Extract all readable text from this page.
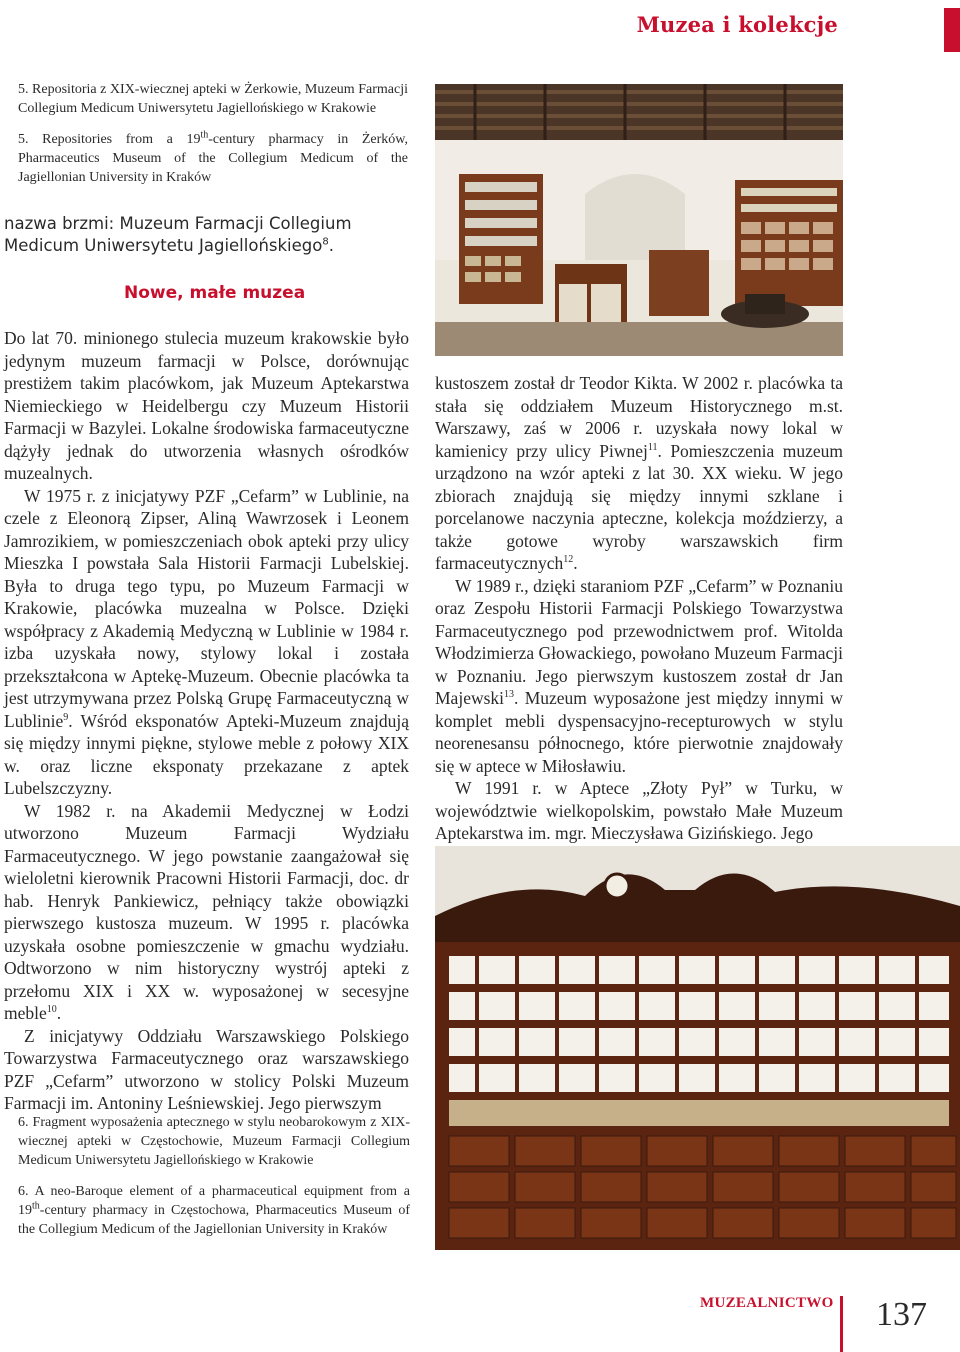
Muzea i kolekcje

5. Repositoria z XIX-wiecznej apteki w Żerkowie, Muzeum Farmacji Collegium Medicum Uniwersytetu Jagiellońskiego w Krakowie

5. Repositories from a 19th-century pharmacy in Żerków, Pharmaceutics Museum of the Collegium Medicum of the Jagiellonian University in Kraków

nazwa brzmi: Muzeum Farmacji Collegium Medicum Uniwersytetu Jagiellońskiego$^8$.
Nowe, małe muzea

Do lat 70. minionego stulecia muzeum krakowskie było jedynym muzeum farmacji w Polsce, dorównując prestiżem takim placówkom, jak Muzeum Aptekarstwa Niemieckiego w Heidelbergu czy Muzeum Historii Farmacji w Bazylei. Lokalne środowiska farmaceutyczne dążyły jednak do utworzenia własnych ośrodków muzealnych.

W 1975 r. z inicjatywy PZF „Cefarm” w Lublinie, na czele z Eleonorą Zipser, Aliną Wawrzosek i Leonem Jamrozikiem, w pomieszczeniach obok apteki przy ulicy Mieszka I powstała Sala Historii Farmacji Lubelskiej. Była to druga tego typu, po Muzeum Farmacji w Krakowie, placówka muzealna w Polsce. Dzięki współpracy z Akademią Medyczną w Lublinie w 1984 r. izba uzyskała nowy, stylowy lokal i została przekształcona w Aptekę-Muzeum. Obecnie placówka ta jest utrzymywana przez Polską Grupę Farmaceutyczną w Lublinie$^9$. Wśród eksponatów Apteki-Muzeum znajdują się między innymi piękne, stylowe meble z połowy XIX w. oraz liczne eksponaty przekazane z aptek Lubelszczyzny.

W 1982 r. na Akademii Medycznej w Łodzi utworzono Muzeum Farmacji Wydziału Farmaceutycznego. W jego powstanie zaangażował się wieloletni kierownik Pracowni Historii Farmacji, doc. dr hab. Henryk Pankiewicz, pełniący także obowiązki pierwszego kustosza muzeum. W 1995 r. placówka uzyskała osobne pomieszczenie w gmachu wydziału. Odtworzono w nim historyczny wystrój apteki z przełomu XIX i XX w. wyposażonej w secesyjne meble$^{10}$.

Z inicjatywy Oddziału Warszawskiego Polskiego Towarzystwa Farmaceutycznego oraz warszawskiego PZF „Cefarm” utworzono w stolicy Polski Muzeum Farmacji im. Antoniny Leśniewskiej. Jego pierwszym

kustoszem został dr Teodor Kikta. W 2002 r. placówka ta stała się oddziałem Muzeum Historycznego m.st. Warszawy, zaś w 2006 r. uzyskała nowy lokal w kamienicy przy ulicy Piwnej$^{11}$. Pomieszczenia muzeum urządzono na wzór apteki z lat 30. XX wieku. W jego zbiorach znajdują się między innymi szklane i porcelanowe naczynia apteczne, kolekcja moździerzy, a także gotowe wyroby warszawskich firm farmaceutycznych$^{12}$.

W 1989 r., dzięki staraniom PZF „Cefarm” w Poznaniu oraz Zespołu Historii Farmacji Polskiego Towarzystwa Farmaceutycznego pod przewodnictwem prof. Witolda Włodzimierza Głowackiego, powołano Muzeum Farmacji w Poznaniu. Jego pierwszym kustoszem został dr Jan Majewski$^{13}$. Muzeum wyposażone jest między innymi w komplet mebli dyspensacyjno-recepturowych w stylu neorenesansu północnego, które pierwotnie znajdowały się w aptece w Miłosławiu.

W 1991 r. w Aptece „Złoty Pył” w Turku, w województwie wielkopolskim, powstało Małe Muzeum Aptekarstwa im. mgr. Mieczysława Gizińskiego. Jego

6. Fragment wyposażenia aptecznego w stylu neobarokowym z XIX-wiecznej apteki w Częstochowie, Muzeum Farmacji Collegium Medicum Uniwersytetu Jagiellońskiego w Krakowie

6. A neo-Baroque element of a pharmaceutical equipment from a 19th-century pharmacy in Częstochowa, Pharmaceutics Museum of the Collegium Medicum of the Jagiellonian University in Kraków

MUZEALNICTWO 137
